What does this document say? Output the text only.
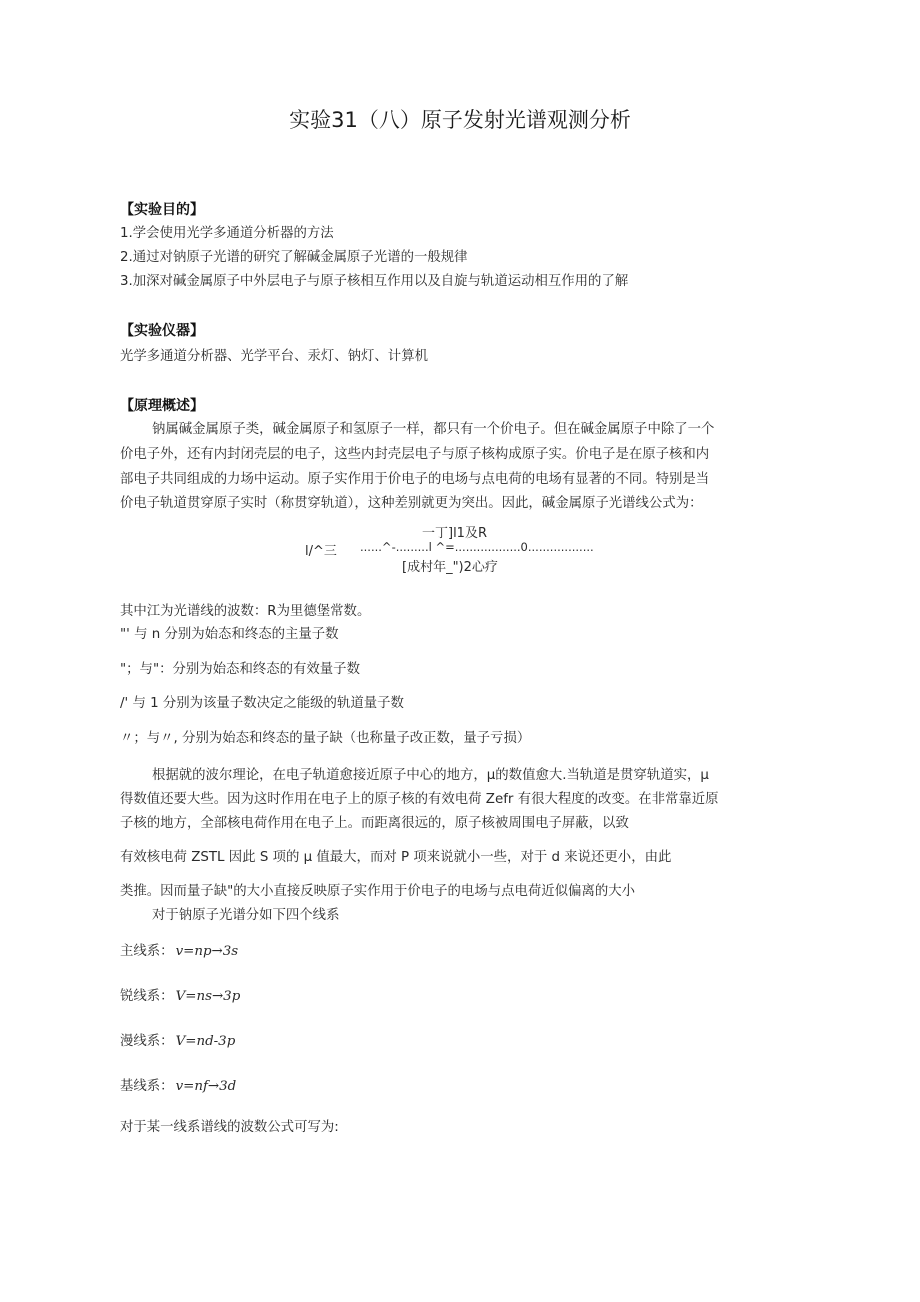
实验31（八）原子发射光谱观测分析
【实验目的】
1.学会使用光学多通道分析器的方法
2.通过对钠原子光谱的研究了解碱金属原子光谱的一般规律
3.加深对碱金属原子中外层电子与原子核相互作用以及自旋与轨道运动相互作用的了解
【实验仪器】
光学多通道分析器、光学平台、汞灯、钠灯、计算机
【原理概述】
钠属碱金属原子类，碱金属原子和氢原子一样，都只有一个价电子。但在碱金属原子中除了一个
价电子外，还有内封闭壳层的电子，这些内封壳层电子与原子核构成原子实。价电子是在原子核和内
部电子共同组成的力场中运动。原子实作用于价电子的电场与点电荷的电场有显著的不同。特别是当
价电子轨道贯穿原子实时（称贯穿轨道），这种差别就更为突出。因此，碱金属原子光谱线公式为：
一丁]l1及R
l/^三 ......^-.........l ^=..................0..................
[成村年_")2心疗
其中江为光谱线的波数：R为里德堡常数。
"' 与 n 分别为始态和终态的主量子数
"；与"：分别为始态和终态的有效量子数
/' 与 1 分别为该量子数决定之能级的轨道量子数
〃；与〃, 分别为始态和终态的量子缺（也称量子改正数，量子亏损）
根据就的波尔理论，在电子轨道愈接近原子中心的地方，μ的数值愈大.当轨道是贯穿轨道实，μ
得数值还要大些。因为这时作用在电子上的原子核的有效电荷 Zefr 有很大程度的改变。在非常靠近原
子核的地方，全部核电荷作用在电子上。而距离很远的，原子核被周围电子屏蔽，以致
有效核电荷 ZSTL 因此 S 项的 μ 值最大，而对 P 项来说就小一些，对于 d 来说还更小，由此
类推。因而量子缺"的大小直接反映原子实作用于价电子的电场与点电荷近似偏离的大小
对于钠原子光谱分如下四个线系
主线系： v=np→3s
锐线系： V=ns→3p
漫线系： V=nd-3p
基线系： v=nf→3d
对于某一线系谱线的波数公式可写为:
